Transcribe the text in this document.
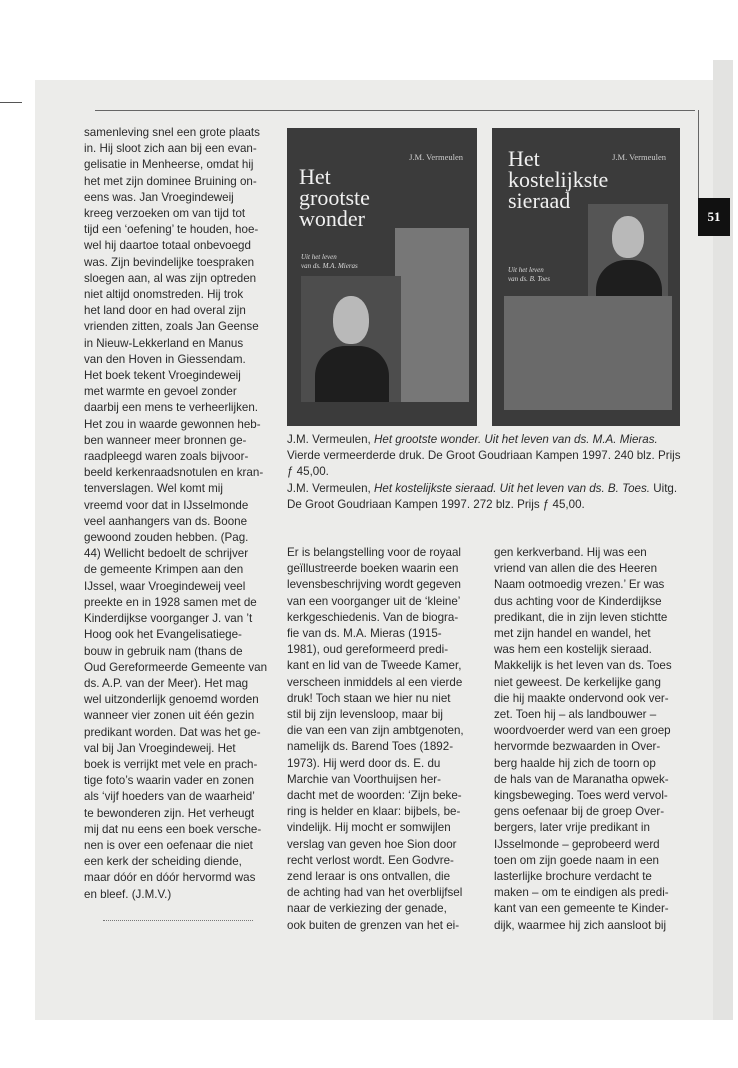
51
samenleving snel een grote plaats
in. Hij sloot zich aan bij een evan-
gelisatie in Menheerse, omdat hij
het met zijn dominee Bruining on-
eens was. Jan Vroegindeweij
kreeg verzoeken om van tijd tot
tijd een ‘oefening’ te houden, hoe-
wel hij daartoe totaal onbevoegd
was. Zijn bevindelijke toespraken
sloegen aan, al was zijn optreden
niet altijd onomstreden. Hij trok
het land door en had overal zijn
vrienden zitten, zoals Jan Geense
in Nieuw-Lekkerland en Manus
van den Hoven in Giessendam.
Het boek tekent Vroegindeweij
met warmte en gevoel zonder
daarbij een mens te verheerlijken.
Het zou in waarde gewonnen heb-
ben wanneer meer bronnen ge-
raadpleegd waren zoals bijvoor-
beeld kerkenraadsnotulen en kran-
tenverslagen. Wel komt mij
vreemd voor dat in IJsselmonde
veel aanhangers van ds. Boone
gewoond zouden hebben. (Pag.
44) Wellicht bedoelt de schrijver
de gemeente Krimpen aan den
IJssel, waar Vroegindeweij veel
preekte en in 1928 samen met de
Kinderdijkse voorganger J. van ’t
Hoog ook het Evangelisatiege-
bouw in gebruik nam (thans de
Oud Gereformeerde Gemeente van
ds. A.P. van der Meer). Het mag
wel uitzonderlijk genoemd worden
wanneer vier zonen uit één gezin
predikant worden. Dat was het ge-
val bij Jan Vroegindeweij. Het
boek is verrijkt met vele en prach-
tige foto’s waarin vader en zonen
als ‘vijf hoeders van de waarheid’
te bewonderen zijn. Het verheugt
mij dat nu eens een boek versche-
nen is over een oefenaar die niet
een kerk der scheiding diende,
maar dóór en dóór hervormd was
en bleef. (J.M.V.)
J.M. Vermeulen
Het
grootste
wonder
Uit het leven
van ds. M.A. Mieras
J.M. Vermeulen
Het
kostelijkste
sieraad
Uit het leven
van ds. B. Toes

J.M. Vermeulen, Het grootste wonder. Uit het leven van ds. M.A. Mieras. Vierde vermeerderde druk. De Groot Goudriaan Kampen 1997. 240 blz. Prijs ƒ 45,00.

J.M. Vermeulen, Het kostelijkste sieraad. Uit het leven van ds. B. Toes. Uitg. De Groot Goudriaan Kampen 1997. 272 blz. Prijs ƒ 45,00.

Er is belangstelling voor de royaal
geïllustreerde boeken waarin een
levensbeschrijving wordt gegeven
van een voorganger uit de ‘kleine’
kerkgeschiedenis. Van de biogra-
fie van ds. M.A. Mieras (1915-
1981), oud gereformeerd predi-
kant en lid van de Tweede Kamer,
verscheen inmiddels al een vierde
druk! Toch staan we hier nu niet
stil bij zijn levensloop, maar bij
die van een van zijn ambtgenoten,
namelijk ds. Barend Toes (1892-
1973). Hij werd door ds. E. du
Marchie van Voorthuijsen her-
dacht met de woorden: ‘Zijn beke-
ring is helder en klaar: bijbels, be-
vindelijk. Hij mocht er somwijlen
verslag van geven hoe Sion door
recht verlost wordt. Een Godvre-
zend leraar is ons ontvallen, die
de achting had van het overblijfsel
naar de verkiezing der genade,
ook buiten de grenzen van het ei-
gen kerkverband. Hij was een
vriend van allen die des Heeren
Naam ootmoedig vrezen.’ Er was
dus achting voor de Kinderdijkse
predikant, die in zijn leven stichtte
met zijn handel en wandel, het
was hem een kostelijk sieraad.
Makkelijk is het leven van ds. Toes
niet geweest. De kerkelijke gang
die hij maakte ondervond ook ver-
zet. Toen hij – als landbouwer –
woordvoerder werd van een groep
hervormde bezwaarden in Over-
berg haalde hij zich de toorn op
de hals van de Maranatha opwek-
kingsbeweging. Toes werd vervol-
gens oefenaar bij de groep Over-
bergers, later vrije predikant in
IJsselmonde – geprobeerd werd
toen om zijn goede naam in een
lasterlijke brochure verdacht te
maken – om te eindigen als predi-
kant van een gemeente te Kinder-
dijk, waarmee hij zich aansloot bij
